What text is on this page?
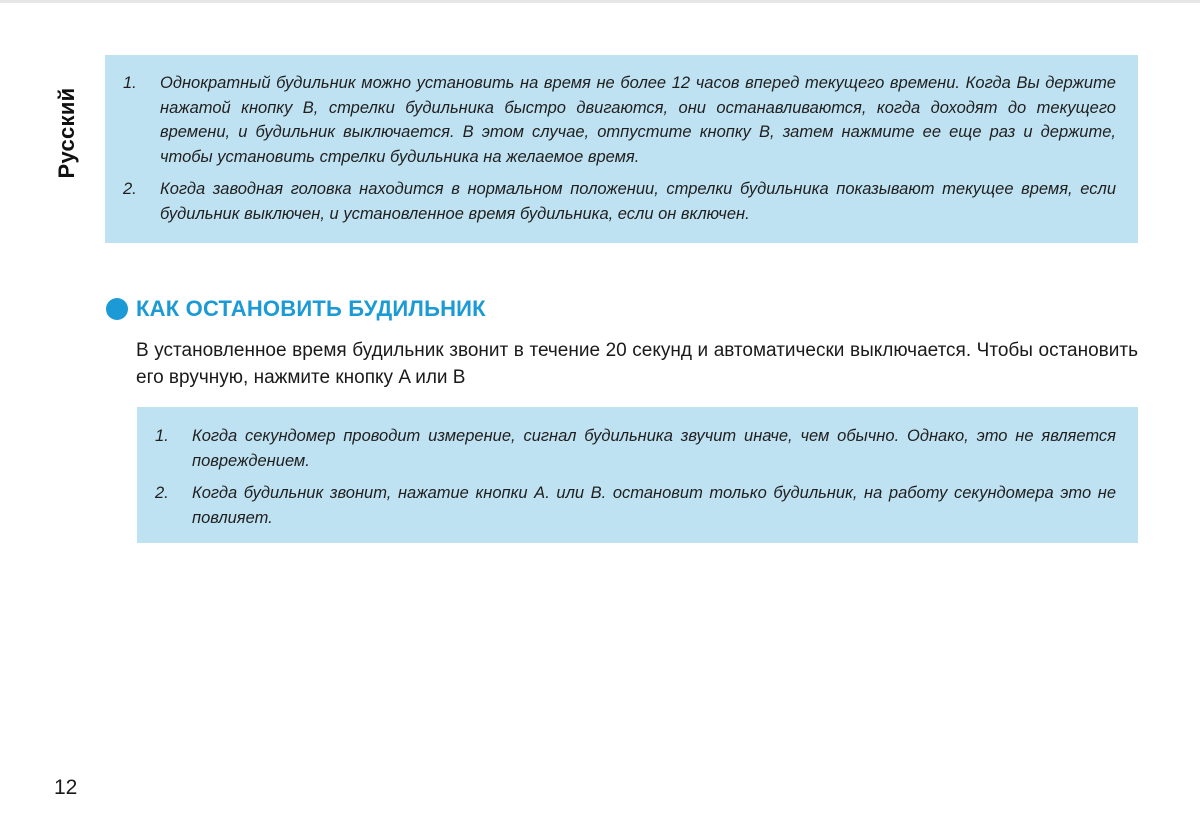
Русский
1. Однократный будильник можно установить на время не более 12 часов вперед текущего времени. Когда Вы держите нажатой кнопку B, стрелки будильника быстро двигаются, они останавливаются, когда доходят до текущего времени, и будильник выключается. В этом случае, отпустите кнопку B, затем нажмите ее еще раз и держите, чтобы установить стрелки будильника на желаемое время.
2. Когда заводная головка находится в нормальном положении, стрелки будильника показывают текущее время, если будильник выключен, и установленное время будильника, если он включен.
КАК ОСТАНОВИТЬ БУДИЛЬНИК
В установленное время будильник звонит в течение 20 секунд и автоматически выключается. Чтобы остановить его вручную, нажмите кнопку A или B
1. Когда секундомер проводит измерение, сигнал будильника звучит иначе, чем обычно. Однако, это не является повреждением.
2. Когда будильник звонит, нажатие кнопки A. или B. остановит только будильник, на работу секундомера это не повлияет.
12
